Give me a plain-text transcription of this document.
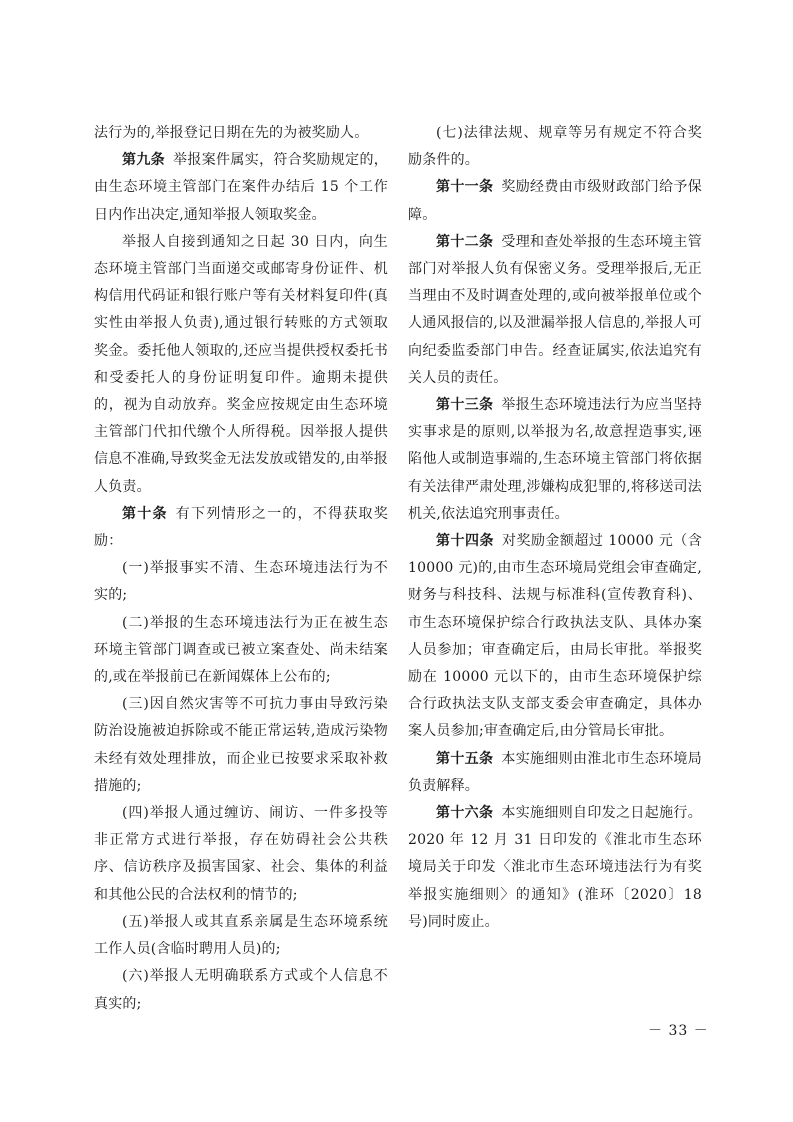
法行为的,举报登记日期在先的为被奖励人。

第九条 举报案件属实，符合奖励规定的，由生态环境主管部门在案件办结后 15 个工作日内作出决定,通知举报人领取奖金。

举报人自接到通知之日起 30 日内，向生态环境主管部门当面递交或邮寄身份证件、机构信用代码证和银行账户等有关材料复印件(真实性由举报人负责),通过银行转账的方式领取奖金。委托他人领取的,还应当提供授权委托书和受委托人的身份证明复印件。逾期未提供的，视为自动放弃。奖金应按规定由生态环境主管部门代扣代缴个人所得税。因举报人提供信息不准确,导致奖金无法发放或错发的,由举报人负责。

第十条 有下列情形之一的，不得获取奖励：

(一)举报事实不清、生态环境违法行为不实的;

(二)举报的生态环境违法行为正在被生态环境主管部门调查或已被立案查处、尚未结案的,或在举报前已在新闻媒体上公布的;

(三)因自然灾害等不可抗力事由导致污染防治设施被迫拆除或不能正常运转,造成污染物未经有效处理排放，而企业已按要求采取补救措施的;

(四)举报人通过缠访、闹访、一件多投等非正常方式进行举报，存在妨碍社会公共秩序、信访秩序及损害国家、社会、集体的利益和其他公民的合法权利的情节的;

(五)举报人或其直系亲属是生态环境系统工作人员(含临时聘用人员)的;

(六)举报人无明确联系方式或个人信息不真实的;

(七)法律法规、规章等另有规定不符合奖励条件的。

第十一条 奖励经费由市级财政部门给予保障。

第十二条 受理和查处举报的生态环境主管部门对举报人负有保密义务。受理举报后,无正当理由不及时调查处理的,或向被举报单位或个人通风报信的,以及泄漏举报人信息的,举报人可向纪委监委部门申告。经查证属实,依法追究有关人员的责任。

第十三条 举报生态环境违法行为应当坚持实事求是的原则,以举报为名,故意捏造事实,诬陷他人或制造事端的,生态环境主管部门将依据有关法律严肃处理,涉嫌构成犯罪的,将移送司法机关,依法追究刑事责任。

第十四条 对奖励金额超过 10000 元（含 10000 元)的,由市生态环境局党组会审查确定,财务与科技科、法规与标准科(宣传教育科)、市生态环境保护综合行政执法支队、具体办案人员参加；审查确定后，由局长审批。举报奖励在 10000 元以下的，由市生态环境保护综合行政执法支队支部支委会审查确定，具体办案人员参加;审查确定后,由分管局长审批。

第十五条 本实施细则由淮北市生态环境局负责解释。

第十六条 本实施细则自印发之日起施行。2020 年 12 月 31 日印发的《淮北市生态环境局关于印发〈淮北市生态环境违法行为有奖举报实施细则〉的通知》(淮环〔2020〕18 号)同时废止。

－ 33 －
